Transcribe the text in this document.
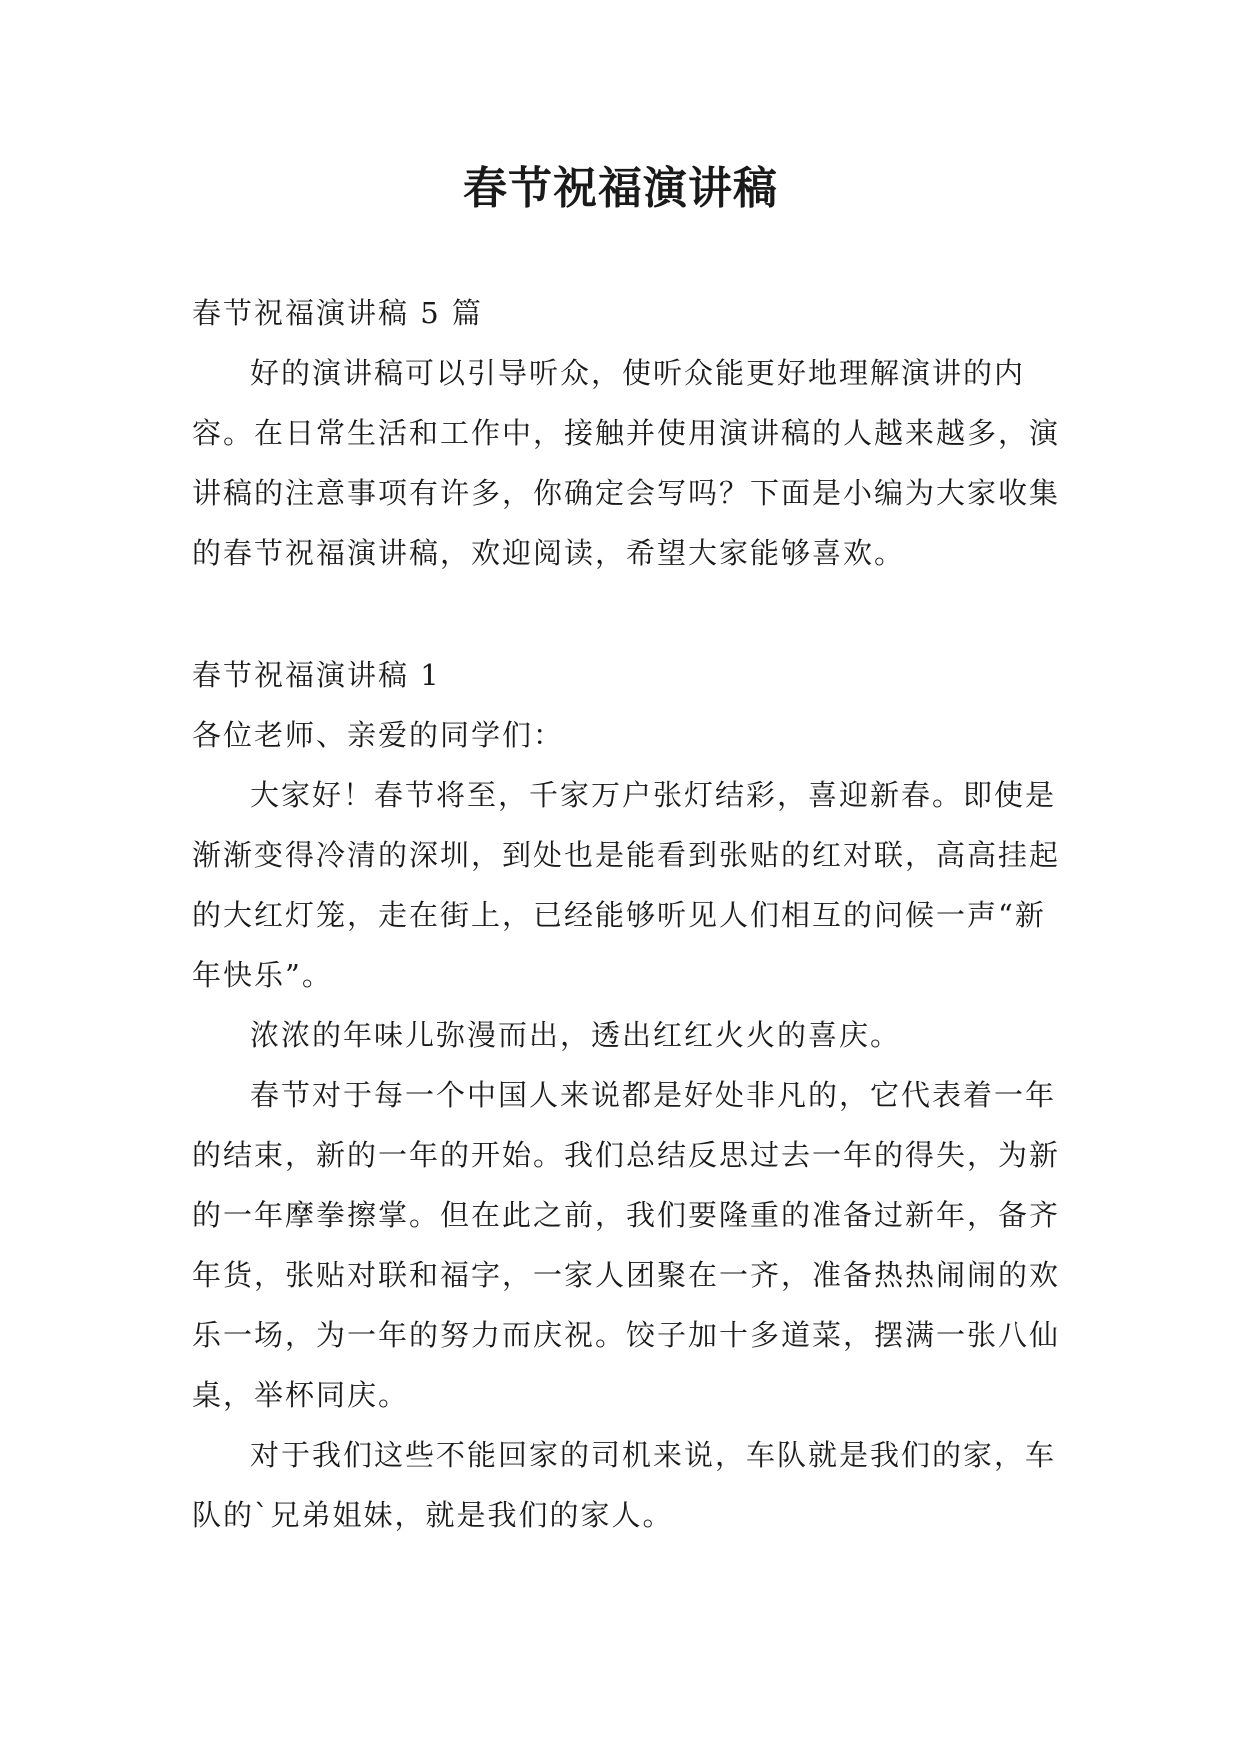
春节祝福演讲稿

春节祝福演讲稿 5 篇

好的演讲稿可以引导听众，使听众能更好地理解演讲的内容。在日常生活和工作中，接触并使用演讲稿的人越来越多，演讲稿的注意事项有许多，你确定会写吗？下面是小编为大家收集的春节祝福演讲稿，欢迎阅读，希望大家能够喜欢。

春节祝福演讲稿 1

各位老师、亲爱的同学们：

大家好！春节将至，千家万户张灯结彩，喜迎新春。即使是渐渐变得冷清的深圳，到处也是能看到张贴的红对联，高高挂起的大红灯笼，走在街上，已经能够听见人们相互的问候一声“新年快乐”。

浓浓的年味儿弥漫而出，透出红红火火的喜庆。

春节对于每一个中国人来说都是好处非凡的，它代表着一年的结束，新的一年的开始。我们总结反思过去一年的得失，为新的一年摩拳擦掌。但在此之前，我们要隆重的准备过新年，备齐年货，张贴对联和福字，一家人团聚在一齐，准备热热闹闹的欢乐一场，为一年的努力而庆祝。饺子加十多道菜，摆满一张八仙桌，举杯同庆。

对于我们这些不能回家的司机来说，车队就是我们的家，车队的`兄弟姐妹，就是我们的家人。
